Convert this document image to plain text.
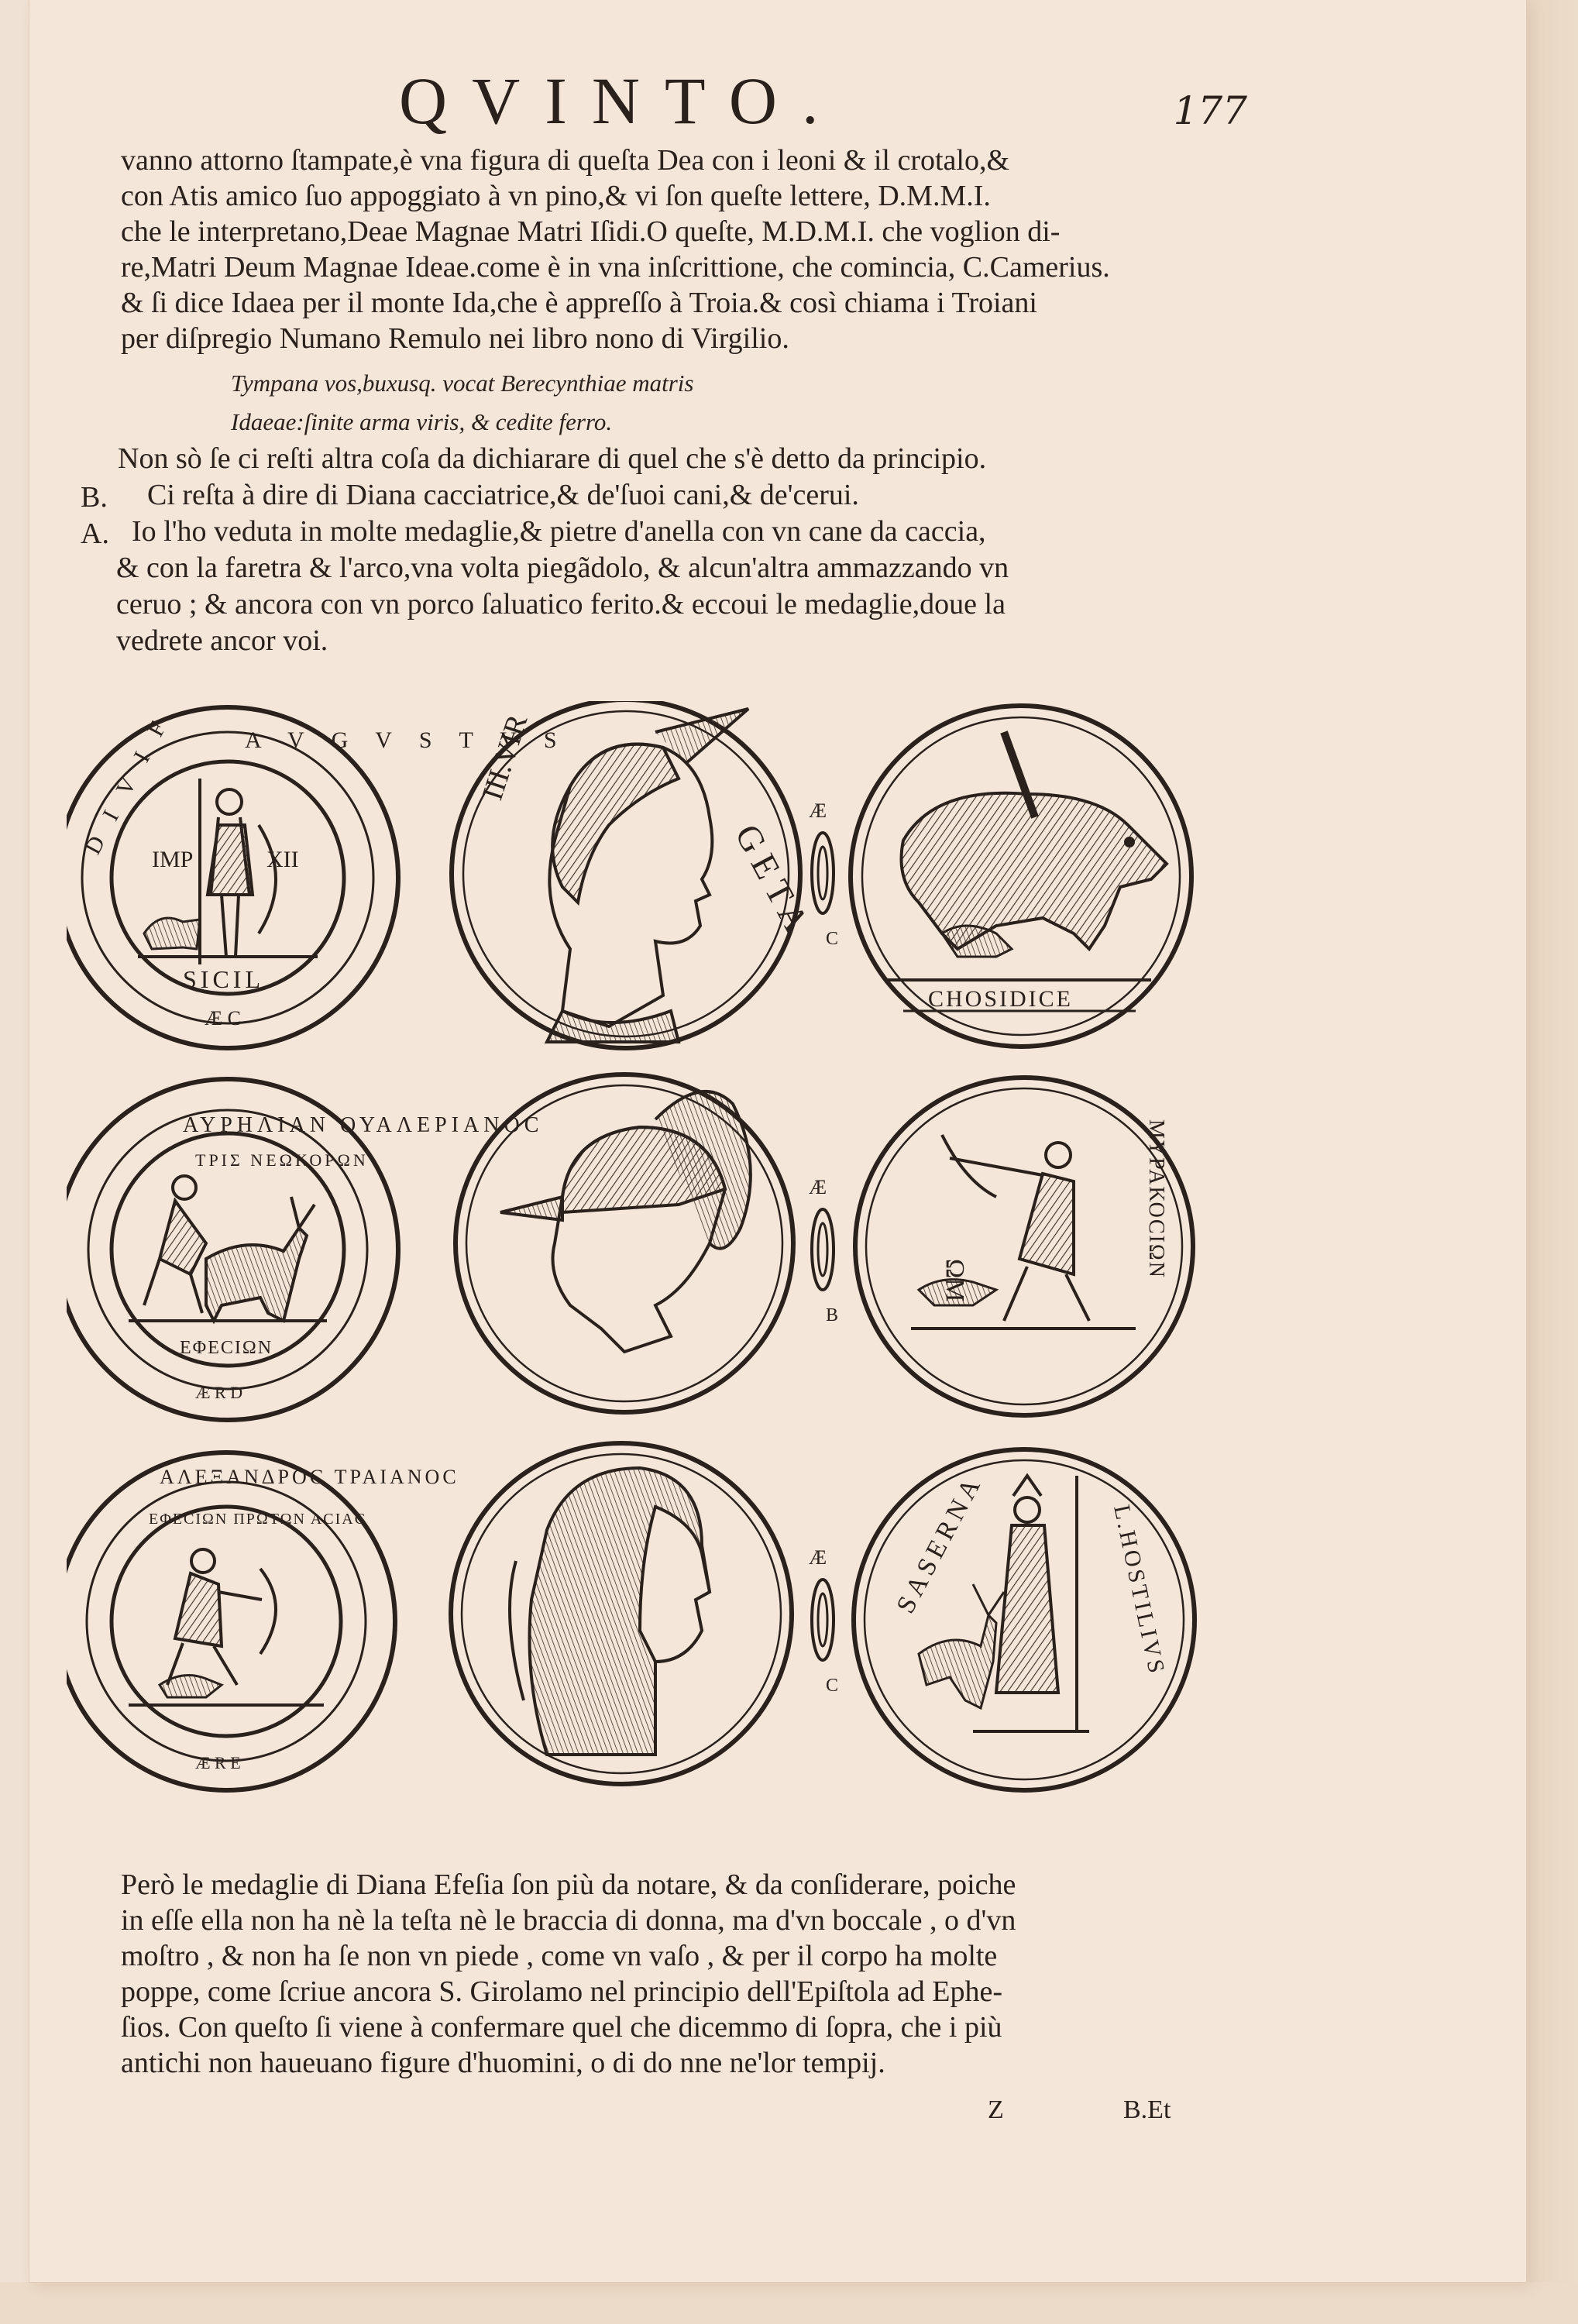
QVINTO.	177
vanno attorno ſtampate,è vna figura di queſta Dea con i leoni & il crotalo,&
con Atis amico ſuo appoggiato à vn pino,& vi ſon queſte lettere, D.M.M.I.
che le interpretano,Deae Magnae Matri Iſidi.O queſte, M.D.M.I. che voglion di-
re,Matri Deum Magnae Ideae.come è in vna inſcrittione, che comincia, C.Camerius.
& ſi dice Idaea per il monte Ida,che è appreſſo à Troia.& così chiama i Troiani
per diſpregio Numano Remulo nei libro nono di Virgilio.
Tympana vos,buxusq. vocat Berecynthiae matris
Idaeae:ſinite arma viris, & cedite ferro.
Non sò ſe ci reſti altra coſa da dichiarare di quel che s'è detto da principio.
B. Ci reſta à dire di Diana cacciatrice,& de'ſuoi cani,& de'cerui.
A. Io l'ho veduta in molte medaglie,& pietre d'anella con vn cane da caccia,
& con la faretra & l'arco,vna volta piegãdolo, & alcun'altra ammazzando vn
ceruo ; & ancora con vn porco ſaluatico ferito.& eccoui le medaglie,doue la
vedrete ancor voi.
IMP	XII
SICIL
Æ C
A V G V S T V S
D I V I F	III.VIR
GETA
Æ
C
CHOSIDICE
ΕΦΕϹΙΩΝ
Æ R D
ΑΥΡΗΛΙΑΝ ΟΥΑΛΕΡΙΑΝΟC
ΤΡΙΣ ΝΕΩΚΟΡΩΝ
Æ
B
ΜΥΡΑΚΟϹΙΩΝ
ΩΜ
Æ R E
ΑΛΕΞΑΝΔΡΟC ΤΡΑΙΑΝΟC
ΕΦΕϹΙΩΝ ΠΡΩΤΩΝ ΑCΙΑC
Æ
C
SASERNA	L.HOSTILIVS
Però le medaglie di Diana Efeſia ſon più da notare, & da conſiderare, poiche
in eſſe ella non ha nè la teſta nè le braccia di donna, ma d'vn boccale , o d'vn
moſtro , & non ha ſe non vn piede , come vn vaſo , & per il corpo ha molte
poppe, come ſcriue ancora S. Girolamo nel principio dell'Epiſtola ad Ephe-
ſios. Con queſto ſi viene à confermare quel che dicemmo di ſopra, che i più
antichi non haueuano figure d'huomini, o di do nne ne'lor tempij.
Z	B.Et
